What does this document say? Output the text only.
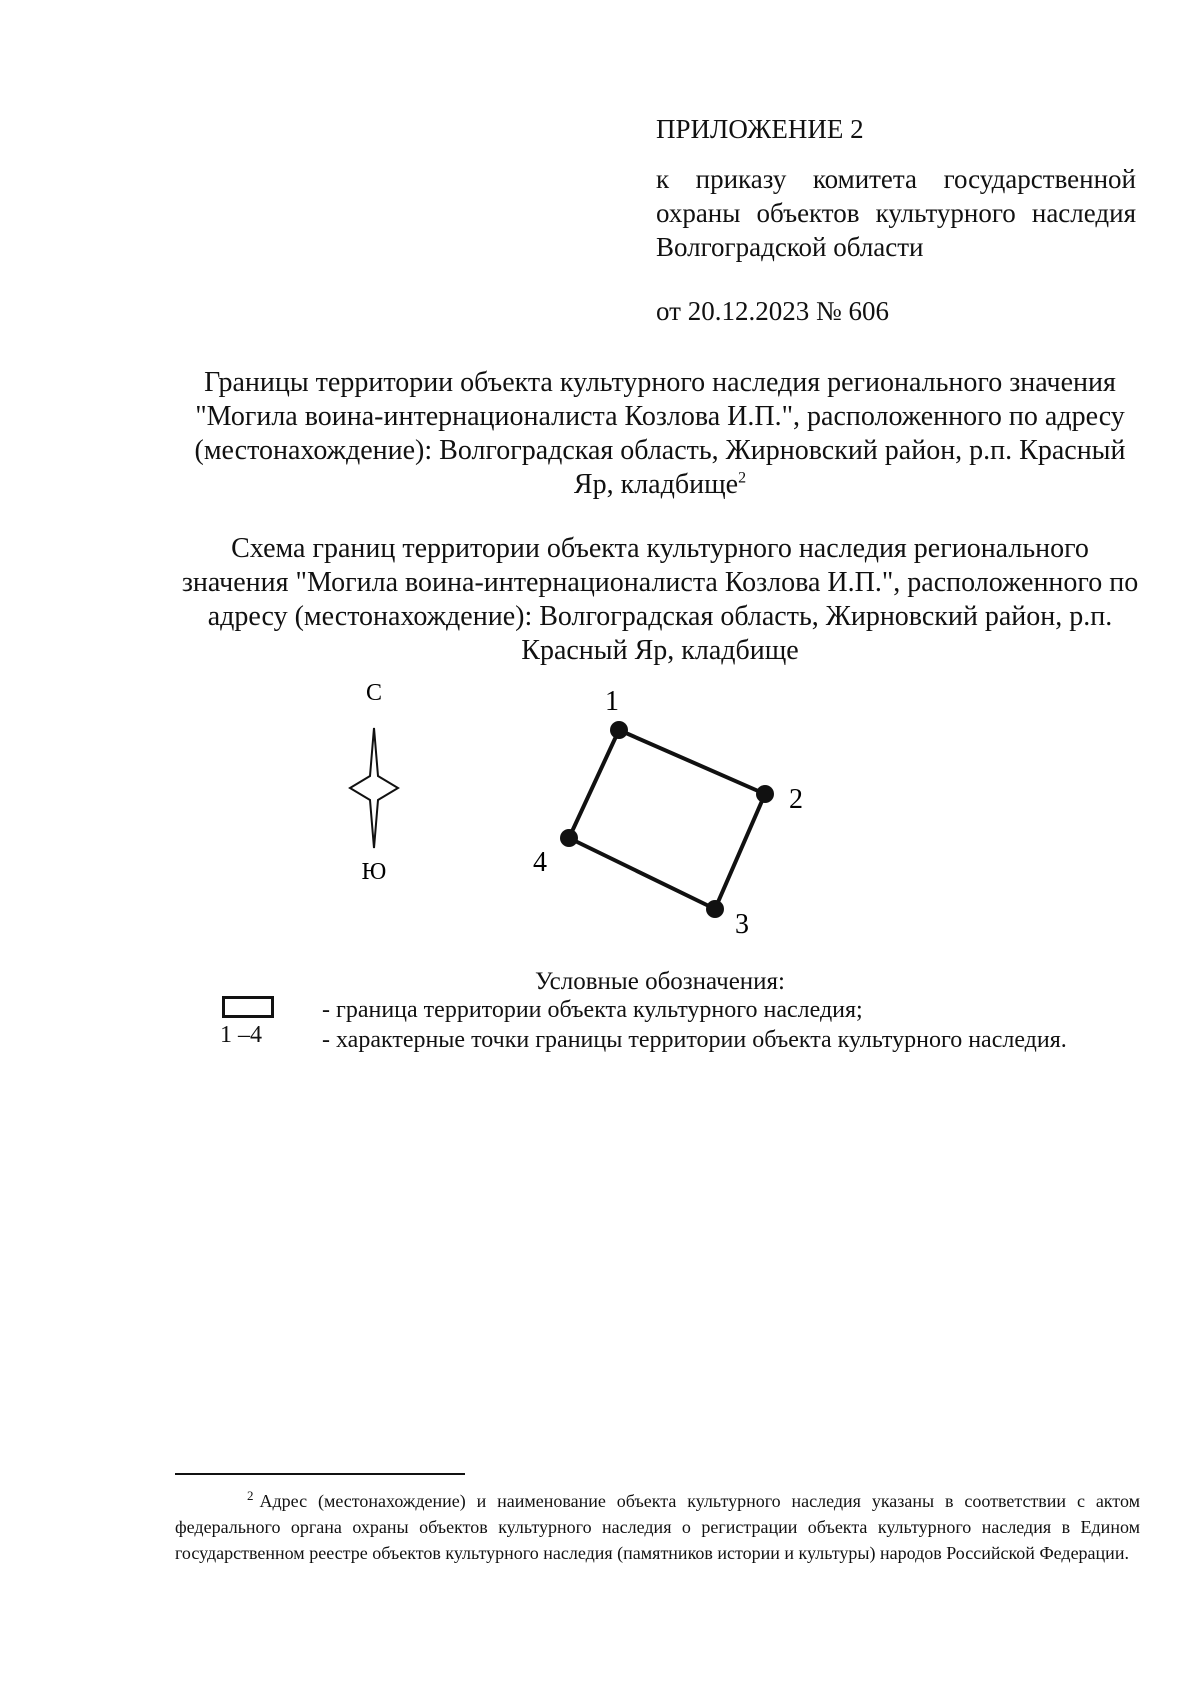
ПРИЛОЖЕНИЕ 2
к приказу комитета государственной охраны объектов культурного наследия Волгоградской области
от 20.12.2023 № 606
Границы территории объекта культурного наследия регионального значения "Могила воина-интернационалиста Козлова И.П.", расположенного по адресу (местонахождение): Волгоградская область, Жирновский район, р.п. Красный Яр, кладбище$^2$
Схема границ территории объекта культурного наследия регионального значения "Могила воина-интернационалиста Козлова И.П.", расположенного по адресу (местонахождение): Волгоградская область, Жирновский район, р.п. Красный Яр, кладбище
С
Ю
1
2
3
4
Условные обозначения:
1 –4
- граница территории объекта культурного наследия;
- характерные точки границы территории объекта культурного наследия.
$^2$ Адрес (местонахождение) и наименование объекта культурного наследия указаны в соответствии с актом федерального органа охраны объектов культурного наследия о регистрации объекта культурного наследия в Едином государственном реестре объектов культурного наследия (памятников истории и культуры) народов Российской Федерации.
